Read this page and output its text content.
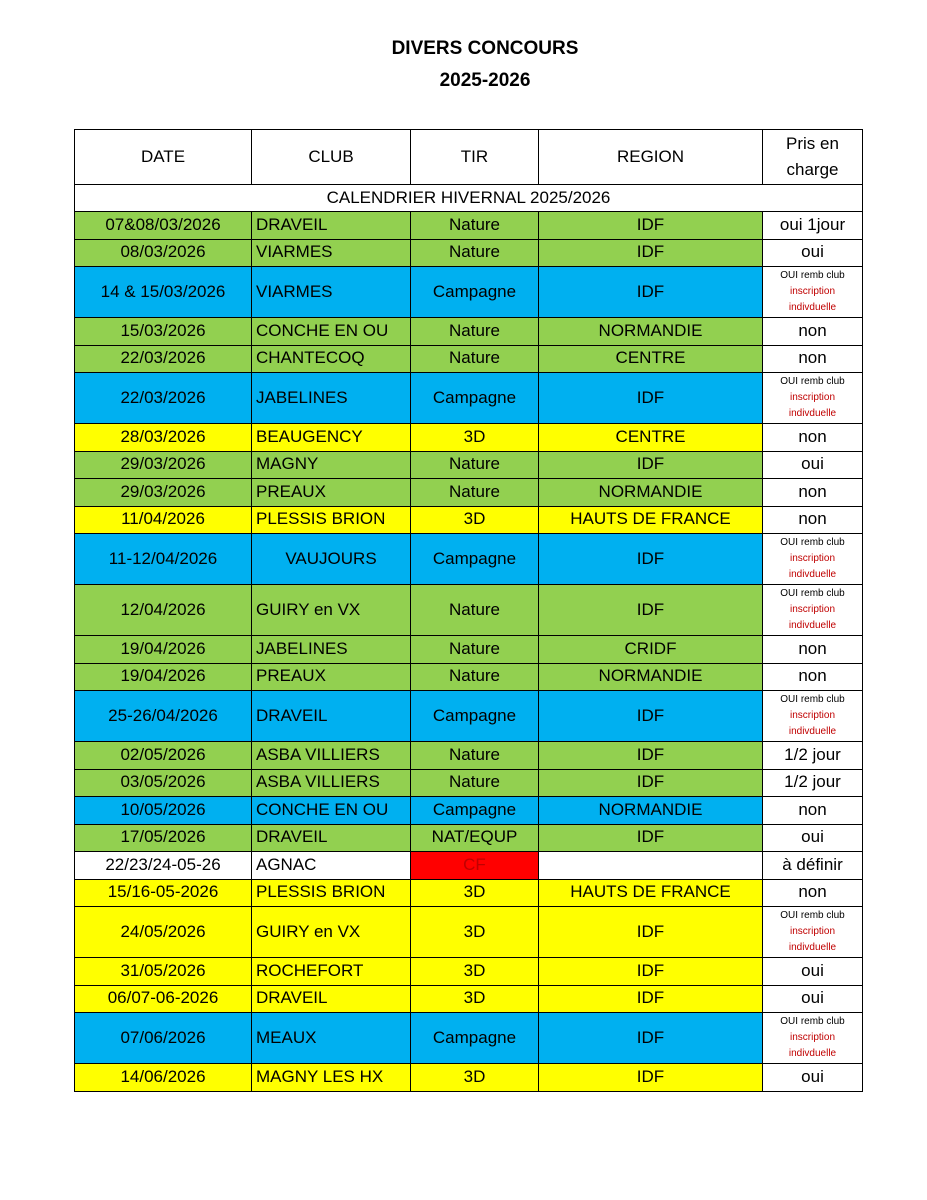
DIVERS CONCOURS
2025-2026
DATE	CLUB	TIR	REGION	Pris en charge
CALENDRIER HIVERNAL 2025/2026				
07&08/03/2026	DRAVEIL	Nature	IDF	oui 1jour
08/03/2026	VIARMES	Nature	IDF	oui
14 & 15/03/2026	VIARMES	Campagne	IDF	OUI remb club
inscription
indivduelle

15/03/2026	CONCHE EN OU	Nature	NORMANDIE	non
22/03/2026	CHANTECOQ	Nature	CENTRE	non
22/03/2026	JABELINES	Campagne	IDF	OUI remb club
inscription
indivduelle

28/03/2026	BEAUGENCY	3D	CENTRE	non
29/03/2026	MAGNY	Nature	IDF	oui
29/03/2026	PREAUX	Nature	NORMANDIE	non
11/04/2026	PLESSIS BRION	3D	HAUTS DE FRANCE	non
11-12/04/2026	VAUJOURS	Campagne	IDF	OUI remb club
inscription
indivduelle

12/04/2026	GUIRY en VX	Nature	IDF	OUI remb club
inscription
indivduelle

19/04/2026	JABELINES	Nature	CRIDF	non
19/04/2026	PREAUX	Nature	NORMANDIE	non
25-26/04/2026	DRAVEIL	Campagne	IDF	OUI remb club
inscription
indivduelle

02/05/2026	ASBA VILLIERS	Nature	IDF	1/2 jour
03/05/2026	ASBA VILLIERS	Nature	IDF	1/2 jour
10/05/2026	CONCHE EN OU	Campagne	NORMANDIE	non
17/05/2026	DRAVEIL	NAT/EQUP	IDF	oui
22/23/24-05-26	AGNAC	CF		à définir
15/16-05-2026	PLESSIS BRION	3D	HAUTS DE FRANCE	non
24/05/2026	GUIRY en VX	3D	IDF	OUI remb club
inscription
indivduelle

31/05/2026	ROCHEFORT	3D	IDF	oui
06/07-06-2026	DRAVEIL	3D	IDF	oui
07/06/2026	MEAUX	Campagne	IDF	OUI remb club
inscription
indivduelle

14/06/2026	MAGNY LES HX	3D	IDF	oui
